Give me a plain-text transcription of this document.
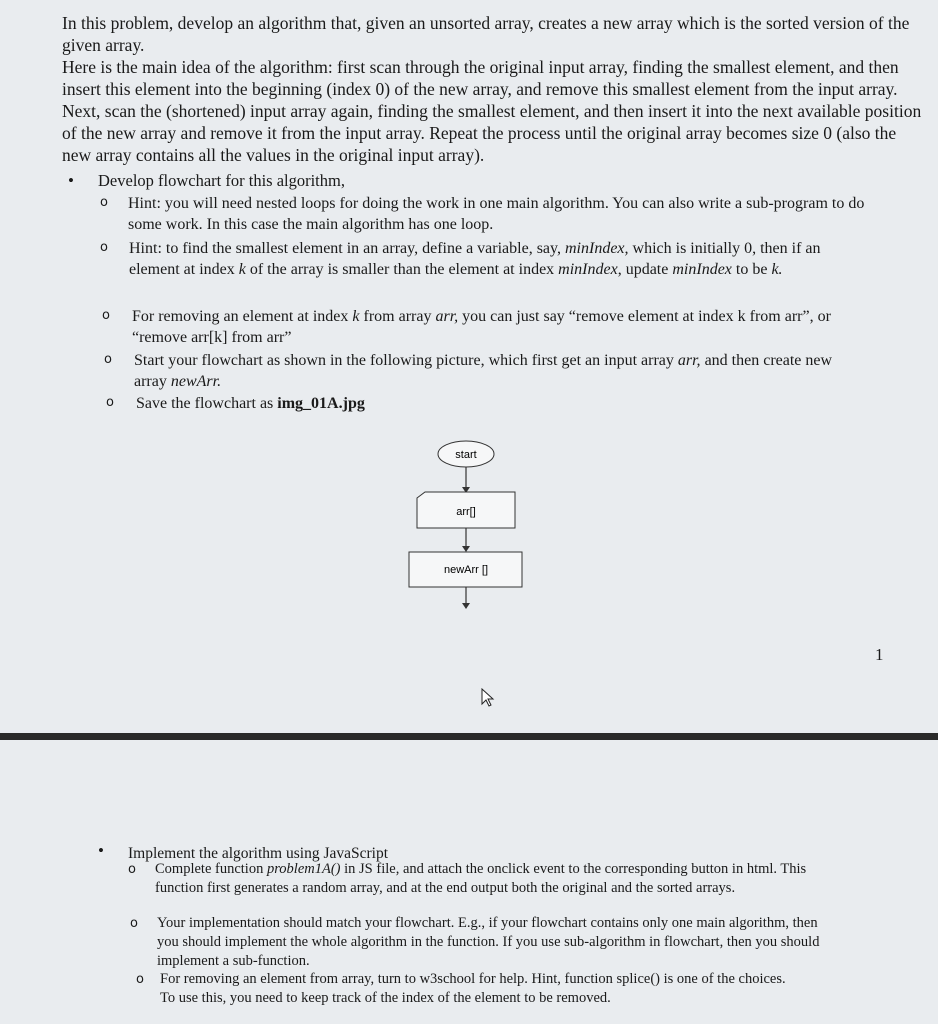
In this problem, develop an algorithm that, given an unsorted array, creates a new array which is the sorted version of the given array.

Here is the main idea of the algorithm: first scan through the original input array, finding the smallest element, and then insert this element into the beginning (index 0) of the new array, and remove this smallest element from the input array. Next, scan the (shortened) input array again, finding the smallest element, and then insert it into the next available position of the new array and remove it from the input array. Repeat the process until the original array becomes size 0 (also the new array contains all the values in the original input array).

• Develop flowchart for this algorithm,
o Hint: you will need nested loops for doing the work in one main algorithm. You can also write a sub-program to do some work. In this case the main algorithm has one loop.
o Hint: to find the smallest element in an array, define a variable, say, minIndex, which is initially 0, then if an element at index k of the array is smaller than the element at index minIndex, update minIndex to be k.
o For removing an element at index k from array arr, you can just say “remove element at index k from arr”, or “remove arr[k] from arr”
o Start your flowchart as shown in the following picture, which first get an input array arr, and then create new array newArr.
o Save the flowchart as img_01A.jpg
start
arr[]
newArr []
1
• Implement the algorithm using JavaScript
o Complete function problem1A() in JS file, and attach the onclick event to the corresponding button in html. This function first generates a random array, and at the end output both the original and the sorted arrays.
o Your implementation should match your flowchart. E.g., if your flowchart contains only one main algorithm, then you should implement the whole algorithm in the function. If you use sub-algorithm in flowchart, then you should implement a sub-function.
o For removing an element from array, turn to w3school for help. Hint, function splice() is one of the choices. To use this, you need to keep track of the index of the element to be removed.
